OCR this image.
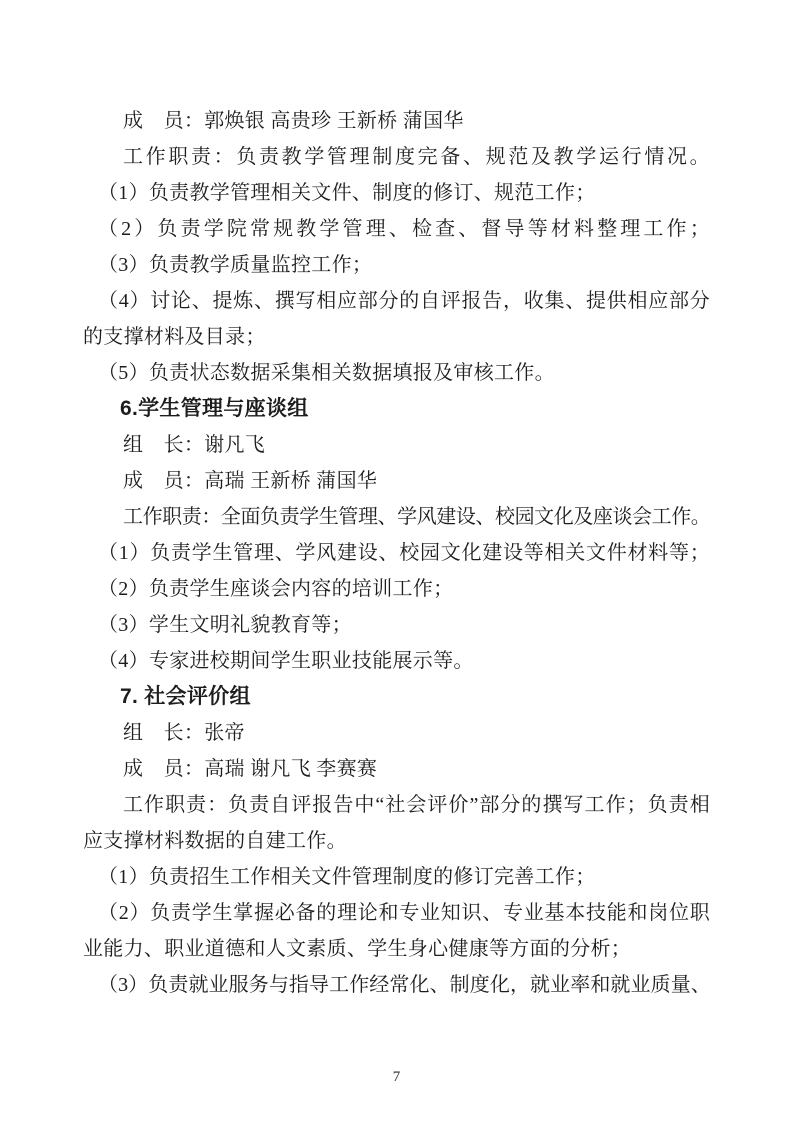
成　员：郭焕银 高贵珍 王新桥 蒲国华
工作职责：负责教学管理制度完备、规范及教学运行情况。
（1）负责教学管理相关文件、制度的修订、规范工作；
（2）负责学院常规教学管理、检查、督导等材料整理工作；
（3）负责教学质量监控工作；
（4）讨论、提炼、撰写相应部分的自评报告，收集、提供相应部分
的支撑材料及目录；
（5）负责状态数据采集相关数据填报及审核工作。
6.学生管理与座谈组
组　长：谢凡飞
成　员：高瑞 王新桥 蒲国华
工作职责：全面负责学生管理、学风建设、校园文化及座谈会工作。
（1）负责学生管理、学风建设、校园文化建设等相关文件材料等；
（2）负责学生座谈会内容的培训工作；
（3）学生文明礼貌教育等；
（4）专家进校期间学生职业技能展示等。
7. 社会评价组
组　长：张帝
成　员：高瑞 谢凡飞 李赛赛
工作职责：负责自评报告中“社会评价”部分的撰写工作；负责相
应支撑材料数据的自建工作。
（1）负责招生工作相关文件管理制度的修订完善工作；
（2）负责学生掌握必备的理论和专业知识、专业基本技能和岗位职
业能力、职业道德和人文素质、学生身心健康等方面的分析；
（3）负责就业服务与指导工作经常化、制度化，就业率和就业质量、
7
